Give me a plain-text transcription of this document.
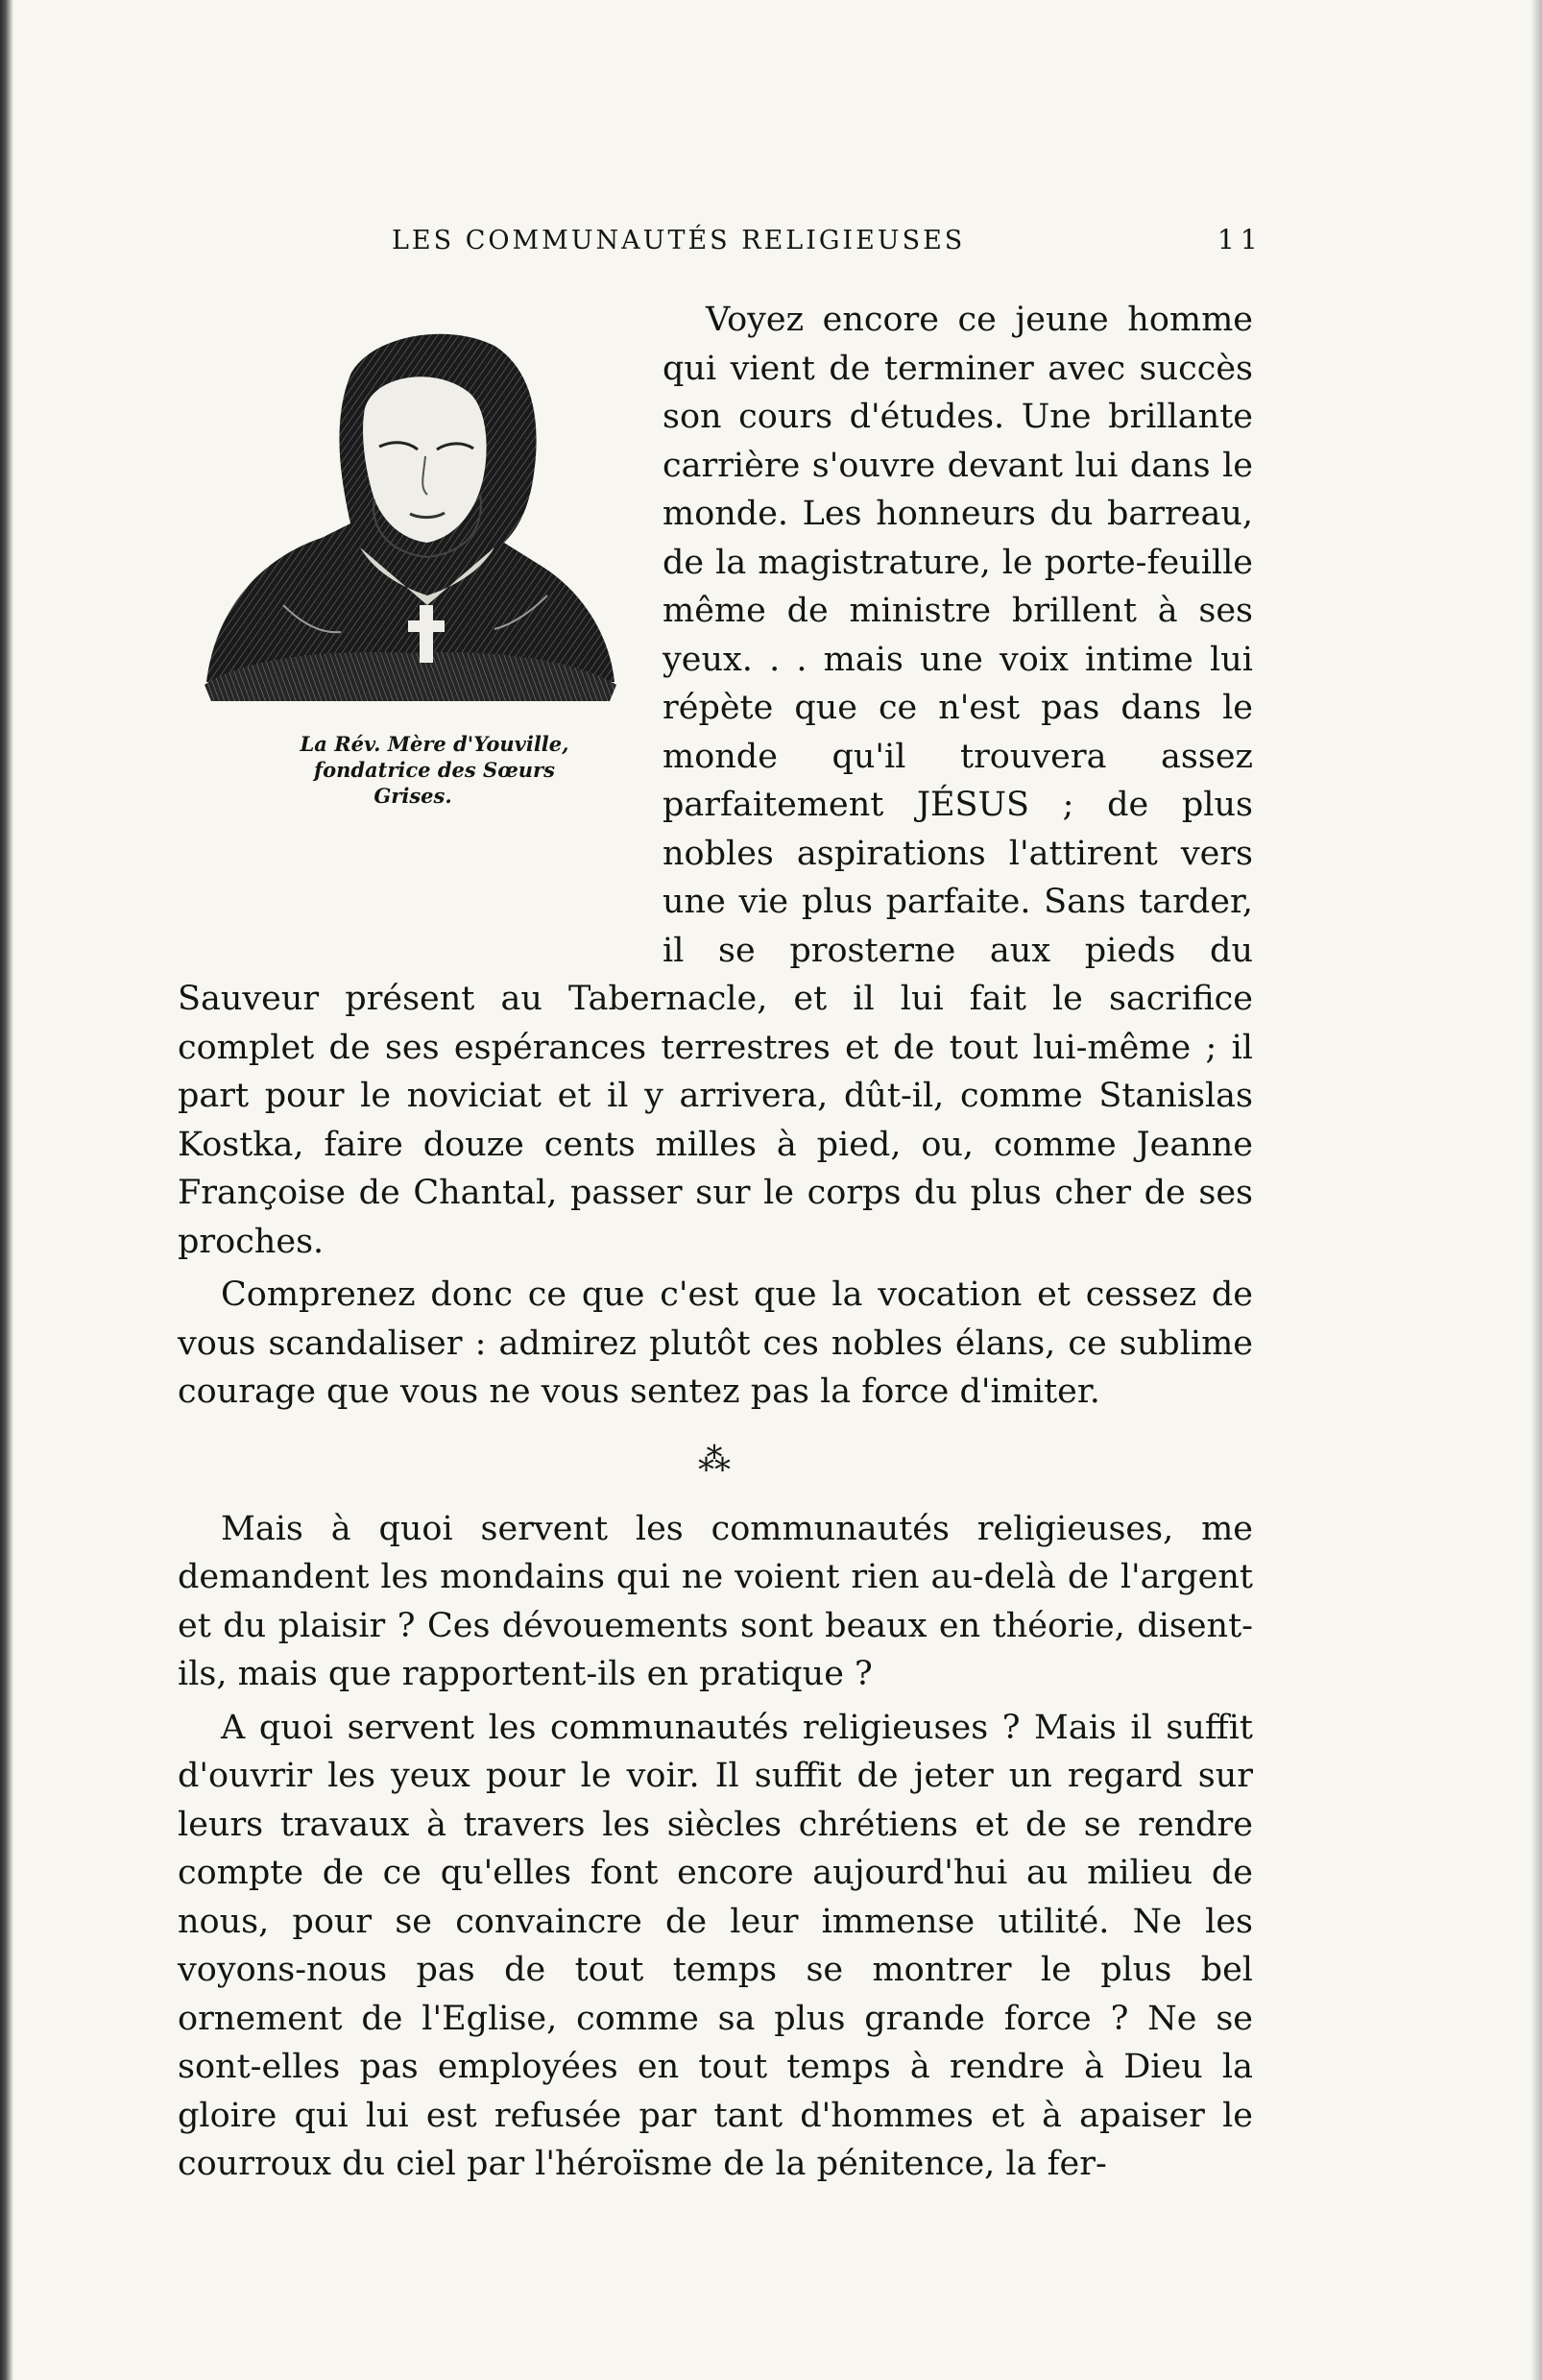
LES COMMUNAUTÉS RELIGIEUSES	11

La Rév. Mère d'Youville,
fondatrice des Sœurs Grises.
Voyez encore ce jeune homme qui vient de terminer avec succès son cours d'études. Une brillante carrière s'ouvre devant lui dans le monde. Les honneurs du barreau, de la magistrature, le porte-feuille même de ministre brillent à ses yeux. . . mais une voix intime lui répète que ce n'est pas dans le monde qu'il trouvera assez parfaitement JÉSUS ; de plus nobles aspirations l'attirent vers une vie plus parfaite. Sans tarder, il se prosterne aux pieds du Sauveur présent au Tabernacle, et il lui fait le sacrifice complet de ses espérances terrestres et de tout lui-même ; il part pour le noviciat et il y arrivera, dût-il, comme Stanislas Kostka, faire douze cents milles à pied, ou, comme Jeanne Françoise de Chantal, passer sur le corps du plus cher de ses proches.

Comprenez donc ce que c'est que la vocation et cessez de vous scandaliser : admirez plutôt ces nobles élans, ce sublime courage que vous ne vous sentez pas la force d'imiter.

⁂

Mais à quoi servent les communautés religieuses, me demandent les mondains qui ne voient rien au-delà de l'argent et du plaisir ? Ces dévouements sont beaux en théorie, disent-ils, mais que rapportent-ils en pratique ?

A quoi servent les communautés religieuses ? Mais il suffit d'ouvrir les yeux pour le voir. Il suffit de jeter un regard sur leurs travaux à travers les siècles chrétiens et de se rendre compte de ce qu'elles font encore aujourd'hui au milieu de nous, pour se convaincre de leur immense utilité. Ne les voyons-nous pas de tout temps se montrer le plus bel ornement de l'Eglise, comme sa plus grande force ? Ne se sont-elles pas employées en tout temps à rendre à Dieu la gloire qui lui est refusée par tant d'hommes et à apaiser le courroux du ciel par l'héroïsme de la pénitence, la fer-
